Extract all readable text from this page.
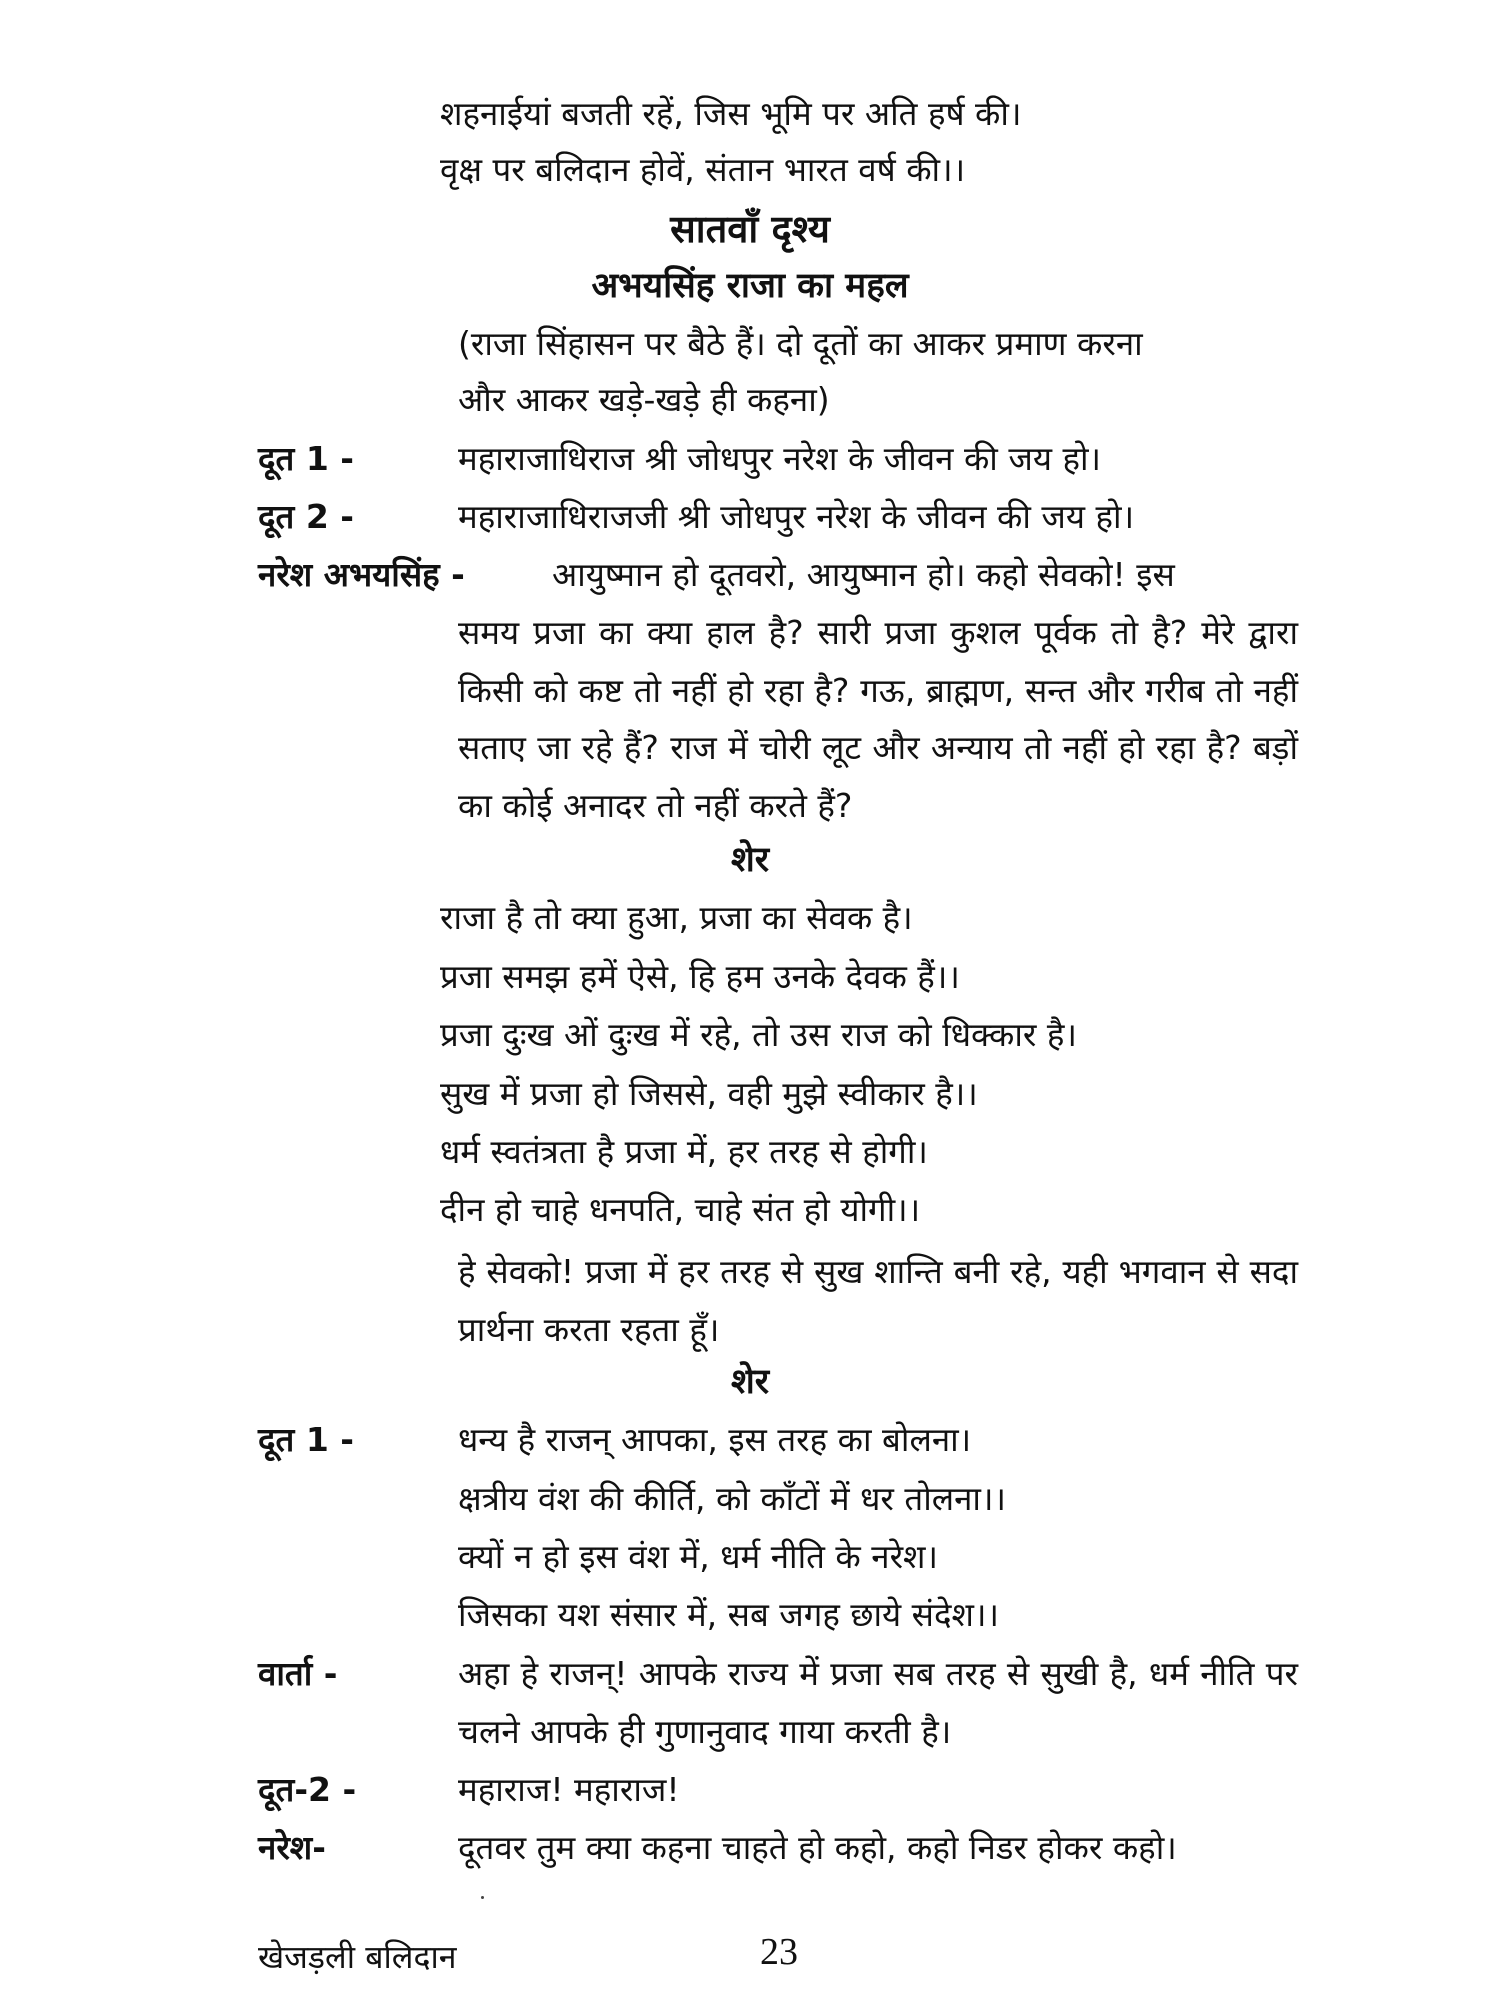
शहनाईयां बजती रहें, जिस भूमि पर अति हर्ष की।
वृक्ष पर बलिदान होवें, संतान भारत वर्ष की।।
सातवाँ दृश्य
अभयसिंह राजा का महल
(राजा सिंहासन पर बैठे हैं। दो दूतों का आकर प्रमाण करना
और आकर खड़े-खड़े ही कहना)
दूत 1 -	महाराजाधिराज श्री जोधपुर नरेश के जीवन की जय हो।
दूत 2 -	महाराजाधिराजजी श्री जोधपुर नरेश के जीवन की जय हो।
नरेश अभयसिंह -	आयुष्मान हो दूतवरो, आयुष्मान हो। कहो सेवको! इस
समय प्रजा का क्या हाल है? सारी प्रजा कुशल पूर्वक तो है? मेरे द्वारा किसी को कष्ट तो नहीं हो रहा है? गऊ, ब्राह्मण, सन्त और गरीब तो नहीं सताए जा रहे हैं? राज में चोरी लूट और अन्याय तो नहीं हो रहा है? बड़ों का कोई अनादर तो नहीं करते हैं?
शेर
राजा है तो क्या हुआ, प्रजा का सेवक है।
प्रजा समझ हमें ऐसे, हि हम उनके देवक हैं।।
प्रजा दुःख ओं दुःख में रहे, तो उस राज को धिक्कार है।
सुख में प्रजा हो जिससे, वही मुझे स्वीकार है।।
धर्म स्वतंत्रता है प्रजा में, हर तरह से होगी।
दीन हो चाहे धनपति, चाहे संत हो योगी।।
हे सेवको! प्रजा में हर तरह से सुख शान्ति बनी रहे, यही भगवान से सदा प्रार्थना करता रहता हूँ।
शेर
दूत 1 -	धन्य है राजन् आपका, इस तरह का बोलना।
क्षत्रीय वंश की कीर्ति, को काँटों में धर तोलना।।
क्यों न हो इस वंश में, धर्म नीति के नरेश।
जिसका यश संसार में, सब जगह छाये संदेश।।
वार्ता -	अहा हे राजन्! आपके राज्य में प्रजा सब तरह से सुखी है, धर्म नीति पर चलने आपके ही गुणानुवाद गाया करती है।
दूत-2 -	महाराज! महाराज!
नरेश-	दूतवर तुम क्या कहना चाहते हो कहो, कहो निडर होकर कहो।
खेजड़ली बलिदान	23
